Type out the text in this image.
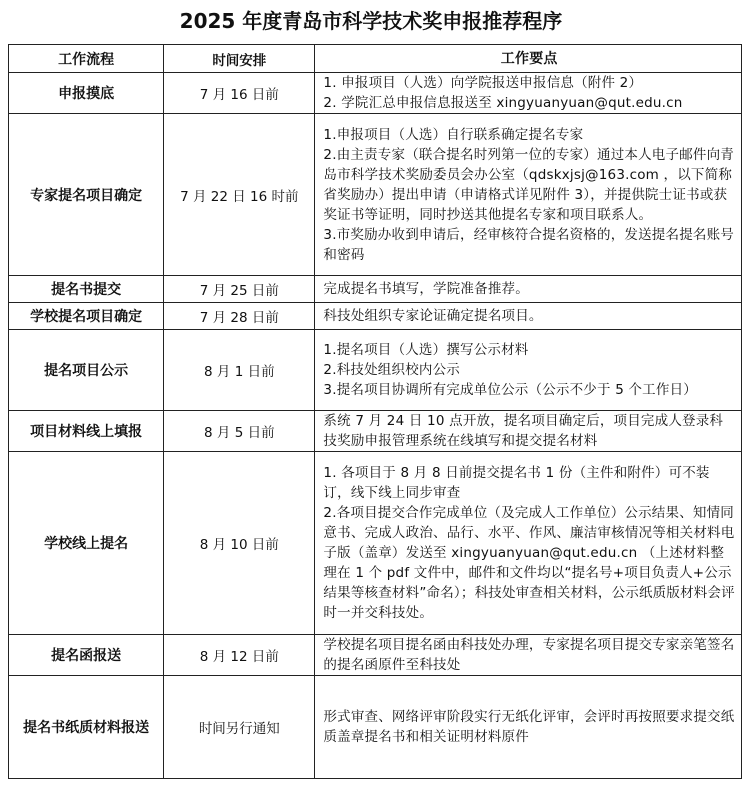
2025 年度青岛市科学技术奖申报推荐程序
工作流程	时间安排	工作要点
申报摸底	7 月 16 日前	1. 申报项目（人选）向学院报送申报信息（附件 2）
2. 学院汇总申报信息报送至 xingyuanyuan@qut.edu.cn

专家提名项目确定	7 月 22 日 16 时前	1.申报项目（人选）自行联系确定提名专家
2.由主责专家（联合提名时列第一位的专家）通过本人电子邮件向青岛市科学技术奖励委员会办公室（qdskxjsj@163.com ，以下简称省奖励办）提出申请（申请格式详见附件 3），并提供院士证书或获奖证书等证明，同时抄送其他提名专家和项目联系人。
3.市奖励办收到申请后，经审核符合提名资格的，发送提名提名账号和密码

提名书提交	7 月 25 日前	完成提名书填写，学院准备推荐。

学校提名项目确定	7 月 28 日前	科技处组织专家论证确定提名项目。

提名项目公示	8 月 1 日前	1.提名项目（人选）撰写公示材料
2.科技处组织校内公示
3.提名项目协调所有完成单位公示（公示不少于 5 个工作日）

项目材料线上填报	8 月 5 日前	系统 7 月 24 日 10 点开放，提名项目确定后，项目完成人登录科技奖励申报管理系统在线填写和提交提名材料

学校线上提名	8 月 10 日前	1. 各项目于 8 月 8 日前提交提名书 1 份（主件和附件）可不装订，线下线上同步审查
2.各项目提交合作完成单位（及完成人工作单位）公示结果、知情同意书、完成人政治、品行、水平、作风、廉洁审核情况等相关材料电子版（盖章）发送至 xingyuanyuan@qut.edu.cn （上述材料整理在 1 个 pdf 文件中，邮件和文件均以“提名号+项目负责人+公示结果等核查材料”命名）；科技处审查相关材料，公示纸质版材料会评时一并交科技处。

提名函报送	8 月 12 日前	学校提名项目提名函由科技处办理，专家提名项目提交专家亲笔签名的提名函原件至科技处

提名书纸质材料报送	时间另行通知	形式审查、网络评审阶段实行无纸化评审，会评时再按照要求提交纸质盖章提名书和相关证明材料原件
